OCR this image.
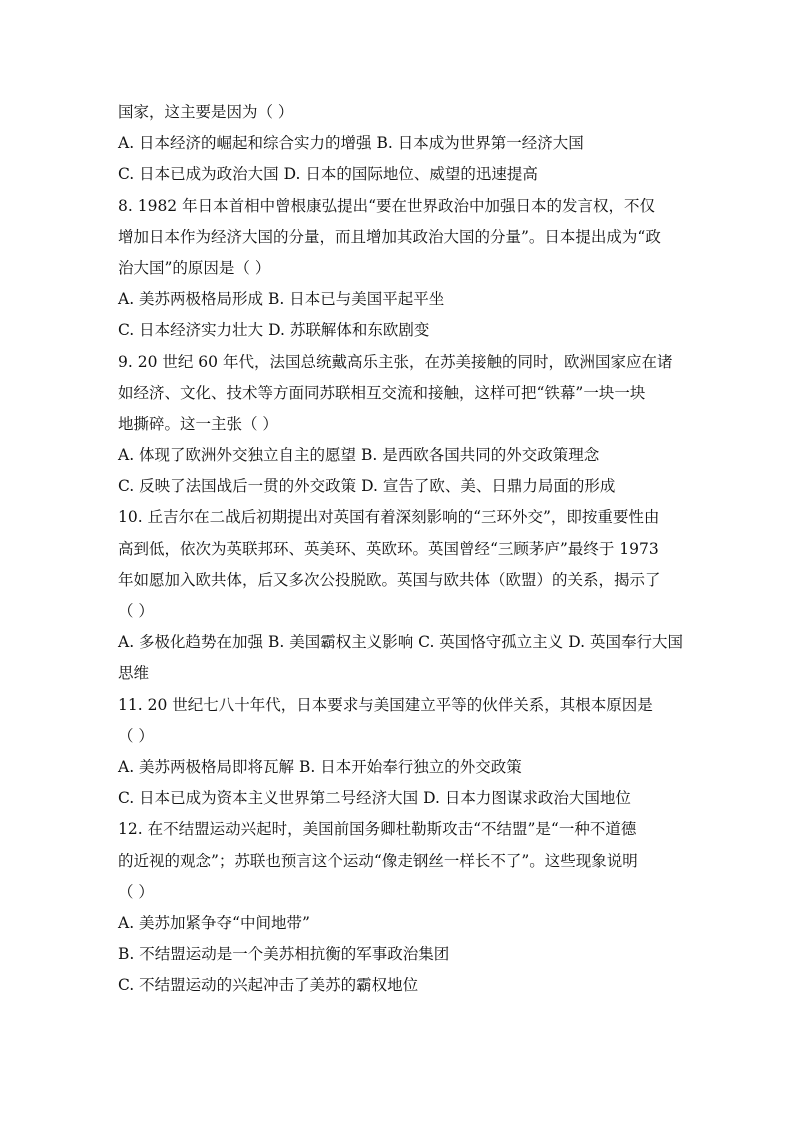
国家，这主要是因为（ ）
A. 日本经济的崛起和综合实力的增强 B. 日本成为世界第一经济大国
C. 日本已成为政治大国 D. 日本的国际地位、威望的迅速提高
8. 1982 年日本首相中曾根康弘提出“要在世界政治中加强日本的发言权，不仅
增加日本作为经济大国的分量，而且增加其政治大国的分量”。日本提出成为“政
治大国”的原因是（ ）
A. 美苏两极格局形成 B. 日本已与美国平起平坐
C. 日本经济实力壮大 D. 苏联解体和东欧剧变
9. 20 世纪 60 年代，法国总统戴高乐主张，在苏美接触的同时，欧洲国家应在诸
如经济、文化、技术等方面同苏联相互交流和接触，这样可把“铁幕”一块一块
地撕碎。这一主张（ ）
A. 体现了欧洲外交独立自主的愿望 B. 是西欧各国共同的外交政策理念
C. 反映了法国战后一贯的外交政策 D. 宣告了欧、美、日鼎力局面的形成
10. 丘吉尔在二战后初期提出对英国有着深刻影响的“三环外交”，即按重要性由
高到低，依次为英联邦环、英美环、英欧环。英国曾经“三顾茅庐”最终于 1973
年如愿加入欧共体，后又多次公投脱欧。英国与欧共体（欧盟）的关系，揭示了
（ ）
A. 多极化趋势在加强 B. 美国霸权主义影响 C. 英国恪守孤立主义 D. 英国奉行大国
思维
11. 20 世纪七八十年代，日本要求与美国建立平等的伙伴关系，其根本原因是
（ ）
A. 美苏两极格局即将瓦解 B. 日本开始奉行独立的外交政策
C. 日本已成为资本主义世界第二号经济大国 D. 日本力图谋求政治大国地位
12. 在不结盟运动兴起时，美国前国务卿杜勒斯攻击“不结盟”是“一种不道德
的近视的观念”；苏联也预言这个运动“像走钢丝一样长不了”。这些现象说明
（ ）
A. 美苏加紧争夺“中间地带”
B. 不结盟运动是一个美苏相抗衡的军事政治集团
C. 不结盟运动的兴起冲击了美苏的霸权地位
